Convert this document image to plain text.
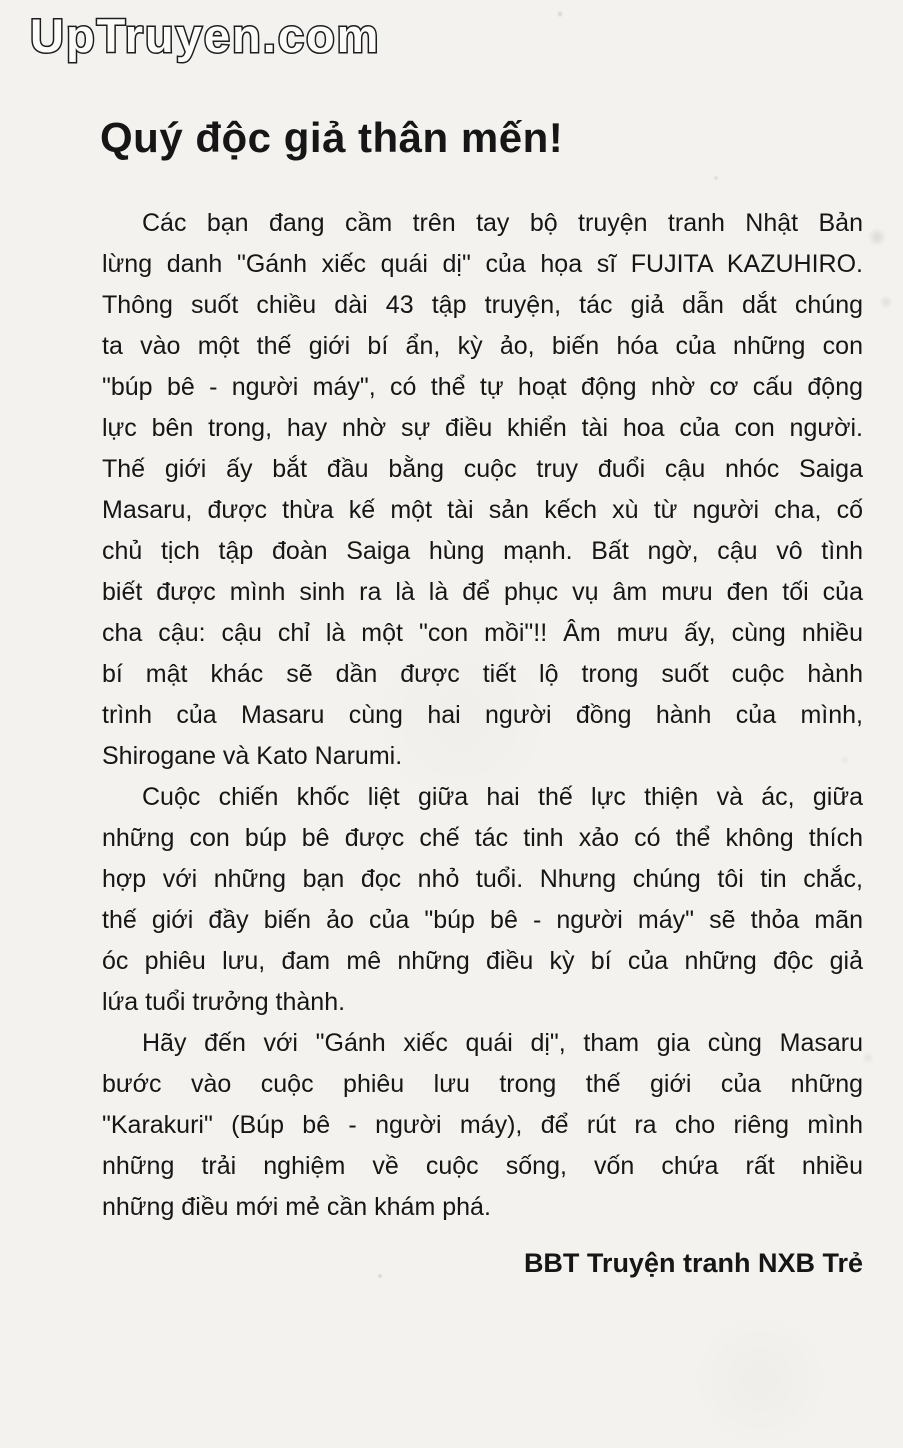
UpTruyen.com
Quý độc giả thân mến!
Các bạn đang cầm trên tay bộ truyện tranh Nhật Bản
lừng danh "Gánh xiếc quái dị" của họa sĩ FUJITA KAZUHIRO.
Thông suốt chiều dài 43 tập truyện, tác giả dẫn dắt chúng
ta vào một thế giới bí ẩn, kỳ ảo, biến hóa của những con
"búp bê - người máy", có thể tự hoạt động nhờ cơ cấu động
lực bên trong, hay nhờ sự điều khiển tài hoa của con người.
Thế giới ấy bắt đầu bằng cuộc truy đuổi cậu nhóc Saiga
Masaru, được thừa kế một tài sản kếch xù từ người cha, cố
chủ tịch tập đoàn Saiga hùng mạnh. Bất ngờ, cậu vô tình
biết được mình sinh ra là là để phục vụ âm mưu đen tối của
cha cậu: cậu chỉ là một "con mồi"!! Âm mưu ấy, cùng nhiều
bí mật khác sẽ dần được tiết lộ trong suốt cuộc hành
trình của Masaru cùng hai người đồng hành của mình,
Shirogane và Kato Narumi.
Cuộc chiến khốc liệt giữa hai thế lực thiện và ác, giữa
những con búp bê được chế tác tinh xảo có thể không thích
hợp với những bạn đọc nhỏ tuổi. Nhưng chúng tôi tin chắc,
thế giới đầy biến ảo của "búp bê - người máy" sẽ thỏa mãn
óc phiêu lưu, đam mê những điều kỳ bí của những độc giả
lứa tuổi trưởng thành.
Hãy đến với "Gánh xiếc quái dị", tham gia cùng Masaru
bước vào cuộc phiêu lưu trong thế giới của những
"Karakuri" (Búp bê - người máy), để rút ra cho riêng mình
những trải nghiệm về cuộc sống, vốn chứa rất nhiều
những điều mới mẻ cần khám phá.
BBT Truyện tranh NXB Trẻ
